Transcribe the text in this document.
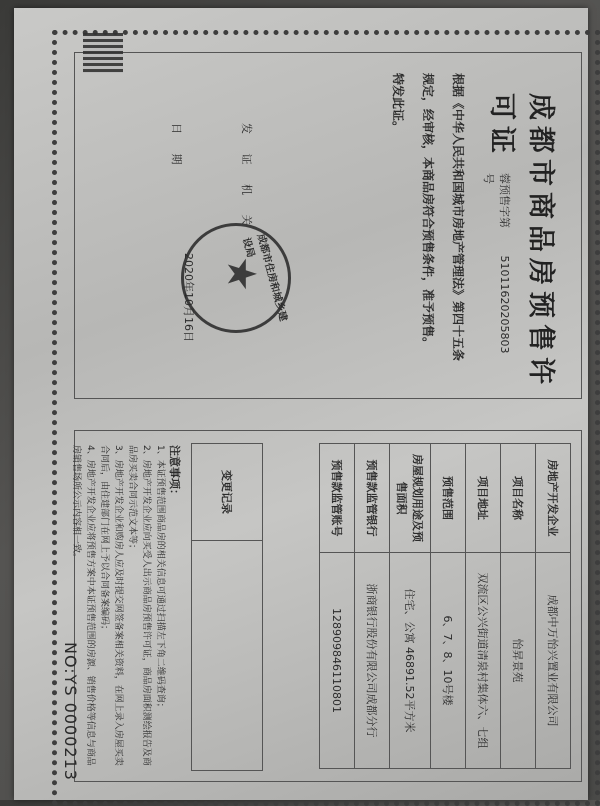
成都市商品房预售许可证
蓉预售字第 51011620205803 号
根据《中华人民共和国城市房地产管理法》第四十五条
规定，经审核，本商品房符合预售条件，准予预售。
特发此证。
发 证 机 关
日 期
成都市住房和城乡建设局
★
2020年10月16日
房地产开发企业	成都中万怡兴置业有限公司
项目名称	怡昇景苑
项目地址	双流区公兴街道清泉村集体六、七组
预售范围	6、7、8、10号楼
房屋规划用途及预售面积	住宅、公寓 46891.52平方米
预售款监管银行	浙商银行股份有限公司成都分行
预售款监管账号	128909846110801
变更记录
注意事项：
1、本证预售范围商品房的相关信息可通过扫描左下角二维码查询；
2、房地产开发企业应向买受人出示商品房预售许可证，商品房面积测绘报告及商品房买卖合同示范文本等；
3、房地产开发企业和购房人应及时提交网签备案相关资料，在网上录入房屋买卖合同后，由住建部门在网上予以合同备案编码；
4、房地产开发企业应将预售方案中本证预售范围的房源、销售价格等信息与商品房销售场所公示内容相一致。
NO:YS 0000213
